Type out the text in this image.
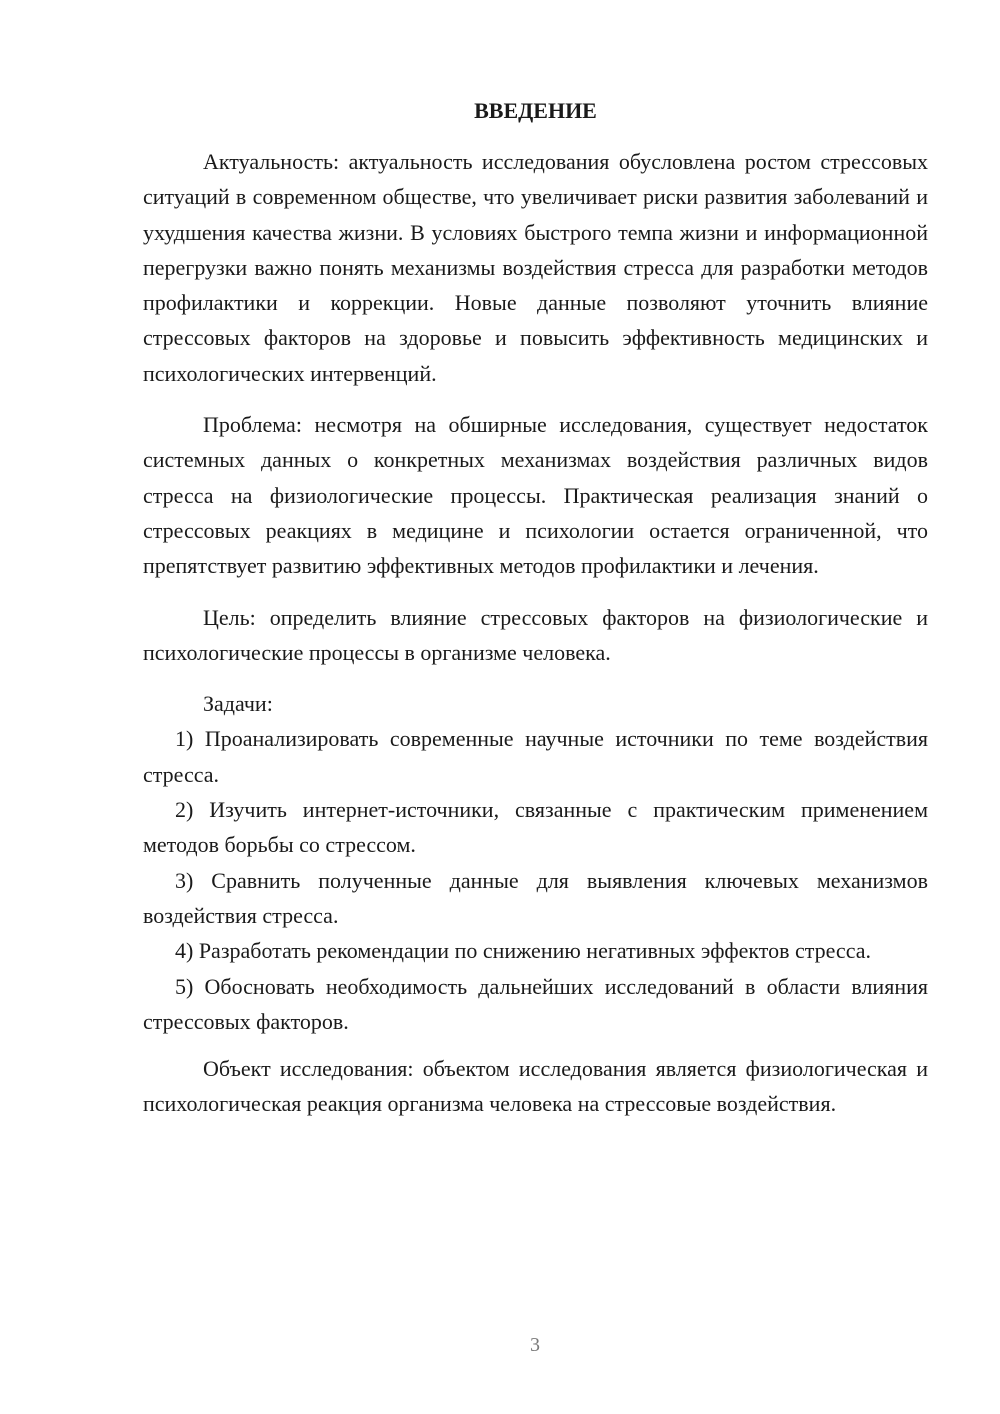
ВВЕДЕНИЕ

Актуальность: актуальность исследования обусловлена ростом стрессовых ситуаций в современном обществе, что увеличивает риски развития заболеваний и ухудшения качества жизни. В условиях быстрого темпа жизни и информационной перегрузки важно понять механизмы воздействия стресса для разработки методов профилактики и коррекции. Новые данные позволяют уточнить влияние стрессовых факторов на здоровье и повысить эффективность медицинских и психологических интервенций.

Проблема: несмотря на обширные исследования, существует недостаток системных данных о конкретных механизмах воздействия различных видов стресса на физиологические процессы. Практическая реализация знаний о стрессовых реакциях в медицине и психологии остается ограниченной, что препятствует развитию эффективных методов профилактики и лечения.

Цель: определить влияние стрессовых факторов на физиологические и психологические процессы в организме человека.

Задачи:

1) Проанализировать современные научные источники по теме воздействия стресса.

2) Изучить интернет-источники, связанные с практическим применением методов борьбы со стрессом.

3) Сравнить полученные данные для выявления ключевых механизмов воздействия стресса.

4) Разработать рекомендации по снижению негативных эффектов стресса.

5) Обосновать необходимость дальнейших исследований в области влияния стрессовых факторов.

Объект исследования: объектом исследования является физиологическая и психологическая реакция организма человека на стрессовые воздействия.

3
